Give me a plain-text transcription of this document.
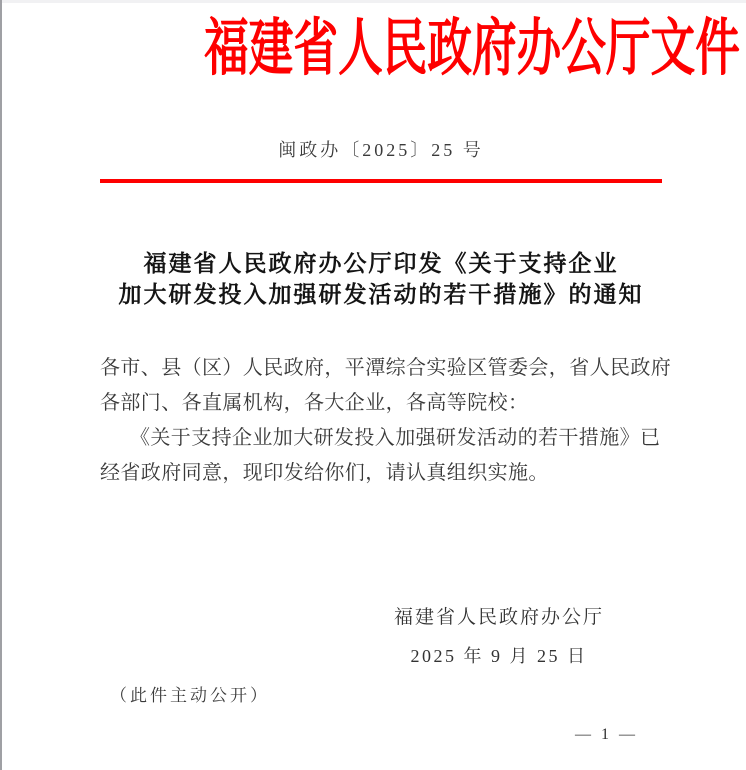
福建省人民政府办公厅文件
闽政办〔2025〕25 号
福建省人民政府办公厅印发《关于支持企业
加大研发投入加强研发活动的若干措施》的通知
各市、县（区）人民政府，平潭综合实验区管委会，省人民政府
各部门、各直属机构，各大企业，各高等院校：
《关于支持企业加大研发投入加强研发活动的若干措施》已
经省政府同意，现印发给你们，请认真组织实施。
福建省人民政府办公厅
2025 年 9 月 25 日
（此件主动公开）
— 1 —
